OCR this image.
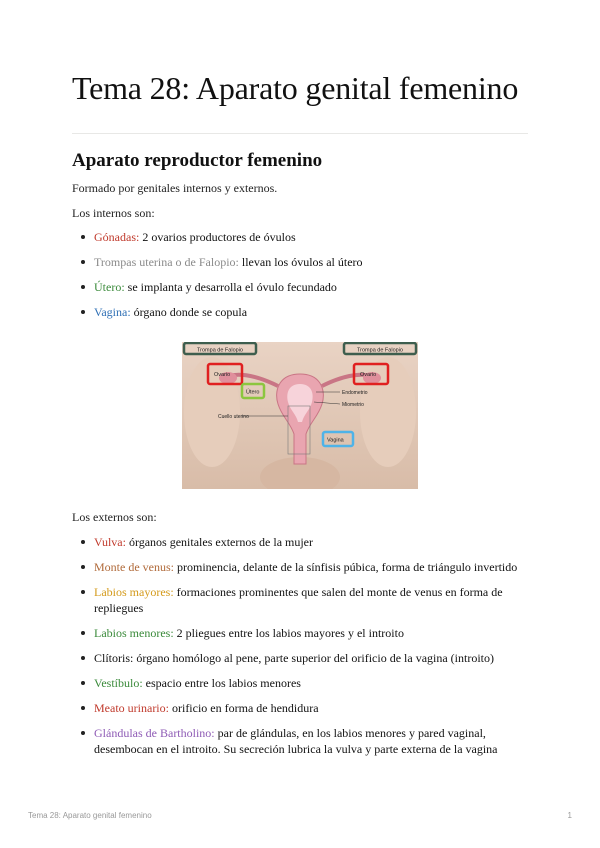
Tema 28: Aparato genital femenino
Aparato reproductor femenino
Formado por genitales internos y externos.
Los internos son:
Gónadas: 2 ovarios productores de óvulos
Trompas uterina o de Falopio: llevan los óvulos al útero
Útero: se implanta y desarrolla el óvulo fecundado
Vagina: órgano donde se copula
Trompa de Falopio	Trompa de Falopio
Ovario	Ovario
Útero	Endometrio
Miometrio
Cuello uterino
Vagina
Los externos son:
Vulva: órganos genitales externos de la mujer
Monte de venus: prominencia, delante de la sínfisis púbica, forma de triángulo invertido
Labios mayores: formaciones prominentes que salen del monte de venus en forma de repliegues
Labios menores: 2 pliegues entre los labios mayores y el introito
Clítoris: órgano homólogo al pene, parte superior del orificio de la vagina (introito)
Vestíbulo: espacio entre los labios menores
Meato urinario: orificio en forma de hendidura
Glándulas de Bartholino: par de glándulas, en los labios menores y pared vaginal, desembocan en el introito. Su secreción lubrica la vulva y parte externa de la vagina
Tema 28: Aparato genital femenino	1
